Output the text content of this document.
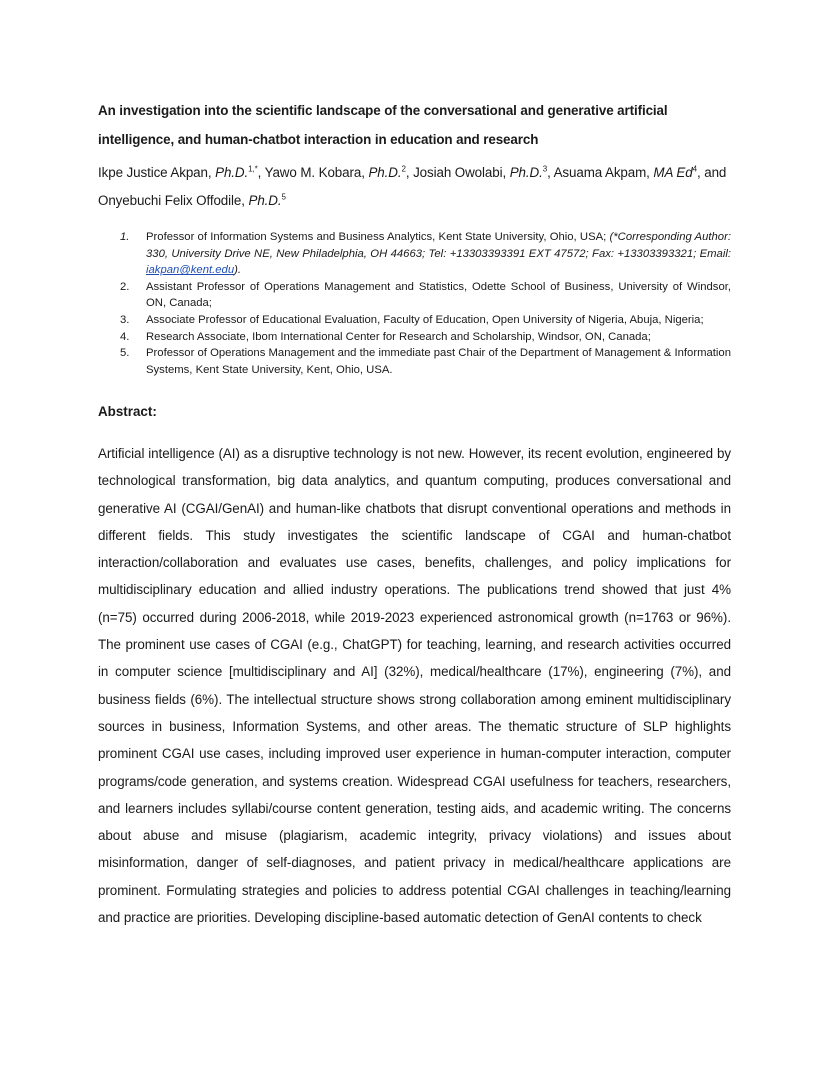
An investigation into the scientific landscape of the conversational and generative artificial intelligence, and human-chatbot interaction in education and research

Ikpe Justice Akpan, Ph.D.$^{1,*}$, Yawo M. Kobara, Ph.D.$^2$, Josiah Owolabi, Ph.D.$^3$, Asuama Akpam, MA Ed$^4$, and
Onyebuchi Felix Offodile, Ph.D.$^5$

1. Professor of Information Systems and Business Analytics, Kent State University, Ohio, USA; (*Corresponding Author: 330, University Drive NE, New Philadelphia, OH 44663; Tel: +13303393391 EXT 47572; Fax: +13303393321; Email: iakpan@kent.edu).
2. Assistant Professor of Operations Management and Statistics, Odette School of Business, University of Windsor, ON, Canada;
3. Associate Professor of Educational Evaluation, Faculty of Education, Open University of Nigeria, Abuja, Nigeria;
4. Research Associate, Ibom International Center for Research and Scholarship, Windsor, ON, Canada;
5. Professor of Operations Management and the immediate past Chair of the Department of Management & Information Systems, Kent State University, Kent, Ohio, USA.
Abstract:

Artificial intelligence (AI) as a disruptive technology is not new. However, its recent evolution, engineered by technological transformation, big data analytics, and quantum computing, produces conversational and generative AI (CGAI/GenAI) and human-like chatbots that disrupt conventional operations and methods in different fields. This study investigates the scientific landscape of CGAI and human-chatbot interaction/collaboration and evaluates use cases, benefits, challenges, and policy implications for multidisciplinary education and allied industry operations. The publications trend showed that just 4% (n=75) occurred during 2006-2018, while 2019-2023 experienced astronomical growth (n=1763 or 96%). The prominent use cases of CGAI (e.g., ChatGPT) for teaching, learning, and research activities occurred in computer science [multidisciplinary and AI] (32%), medical/healthcare (17%), engineering (7%), and business fields (6%). The intellectual structure shows strong collaboration among eminent multidisciplinary sources in business, Information Systems, and other areas. The thematic structure of SLP highlights prominent CGAI use cases, including improved user experience in human-computer interaction, computer programs/code generation, and systems creation. Widespread CGAI usefulness for teachers, researchers, and learners includes syllabi/course content generation, testing aids, and academic writing. The concerns about abuse and misuse (plagiarism, academic integrity, privacy violations) and issues about misinformation, danger of self-diagnoses, and patient privacy in medical/healthcare applications are prominent. Formulating strategies and policies to address potential CGAI challenges in teaching/learning and practice are priorities. Developing discipline-based automatic detection of GenAI contents to check
